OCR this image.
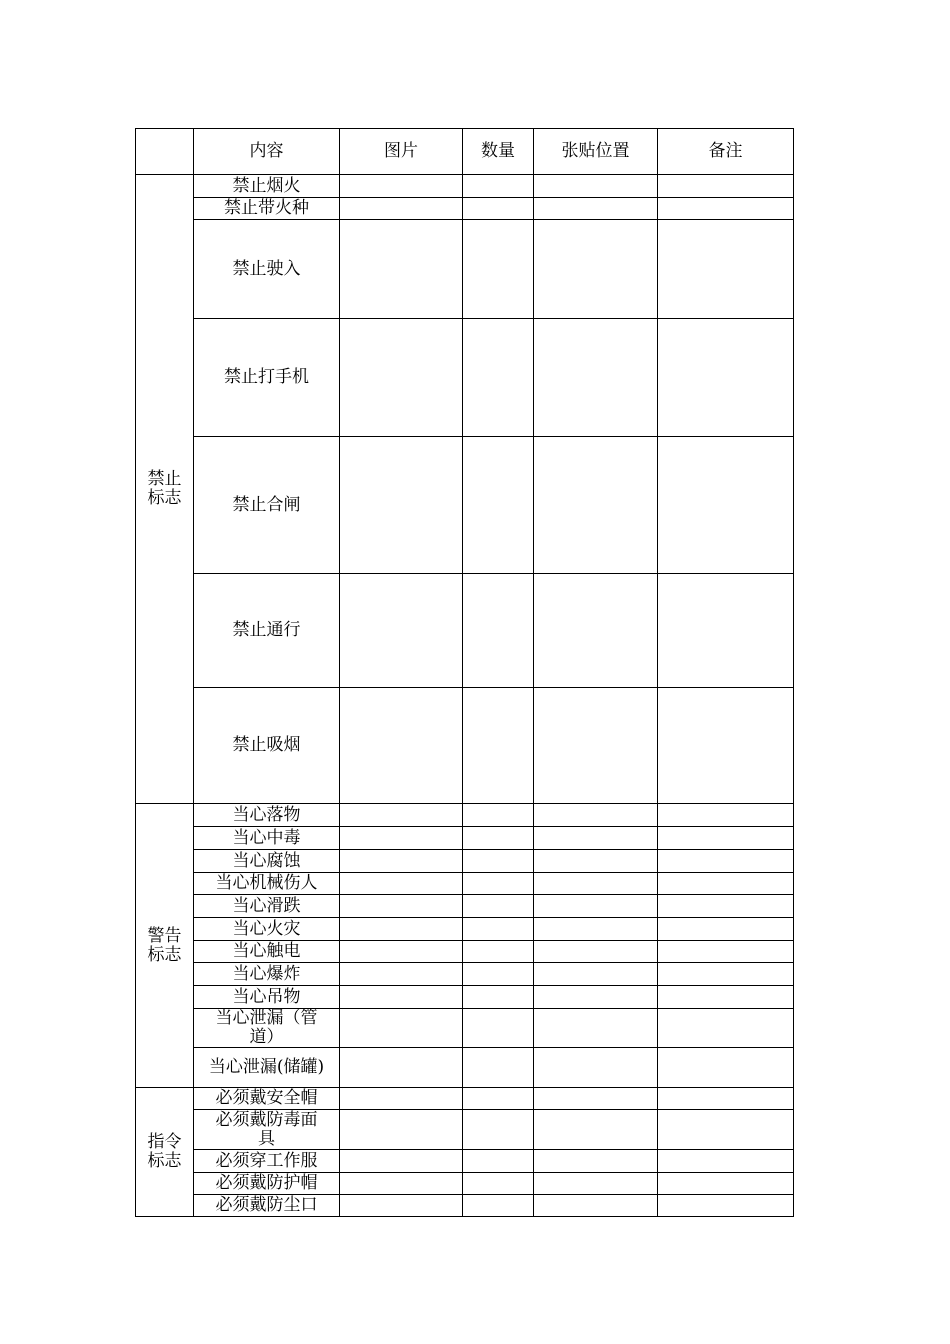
	内容	图片	数量	张贴位置	备注
禁止标志	禁止烟火				
	禁止带火种				
	禁止驶入				
	禁止打手机				
	禁止合闸				
	禁止通行				
	禁止吸烟				
警告标志	当心落物				
	当心中毒				
	当心腐蚀				
	当心机械伤人				
	当心滑跌				
	当心火灾				
	当心触电				
	当心爆炸				
	当心吊物				
	当心泄漏（管道）				
	当心泄漏(储罐)				
指令标志	必须戴安全帽				
	必须戴防毒面具				
	必须穿工作服				
	必须戴防护帽				
	必须戴防尘口				
